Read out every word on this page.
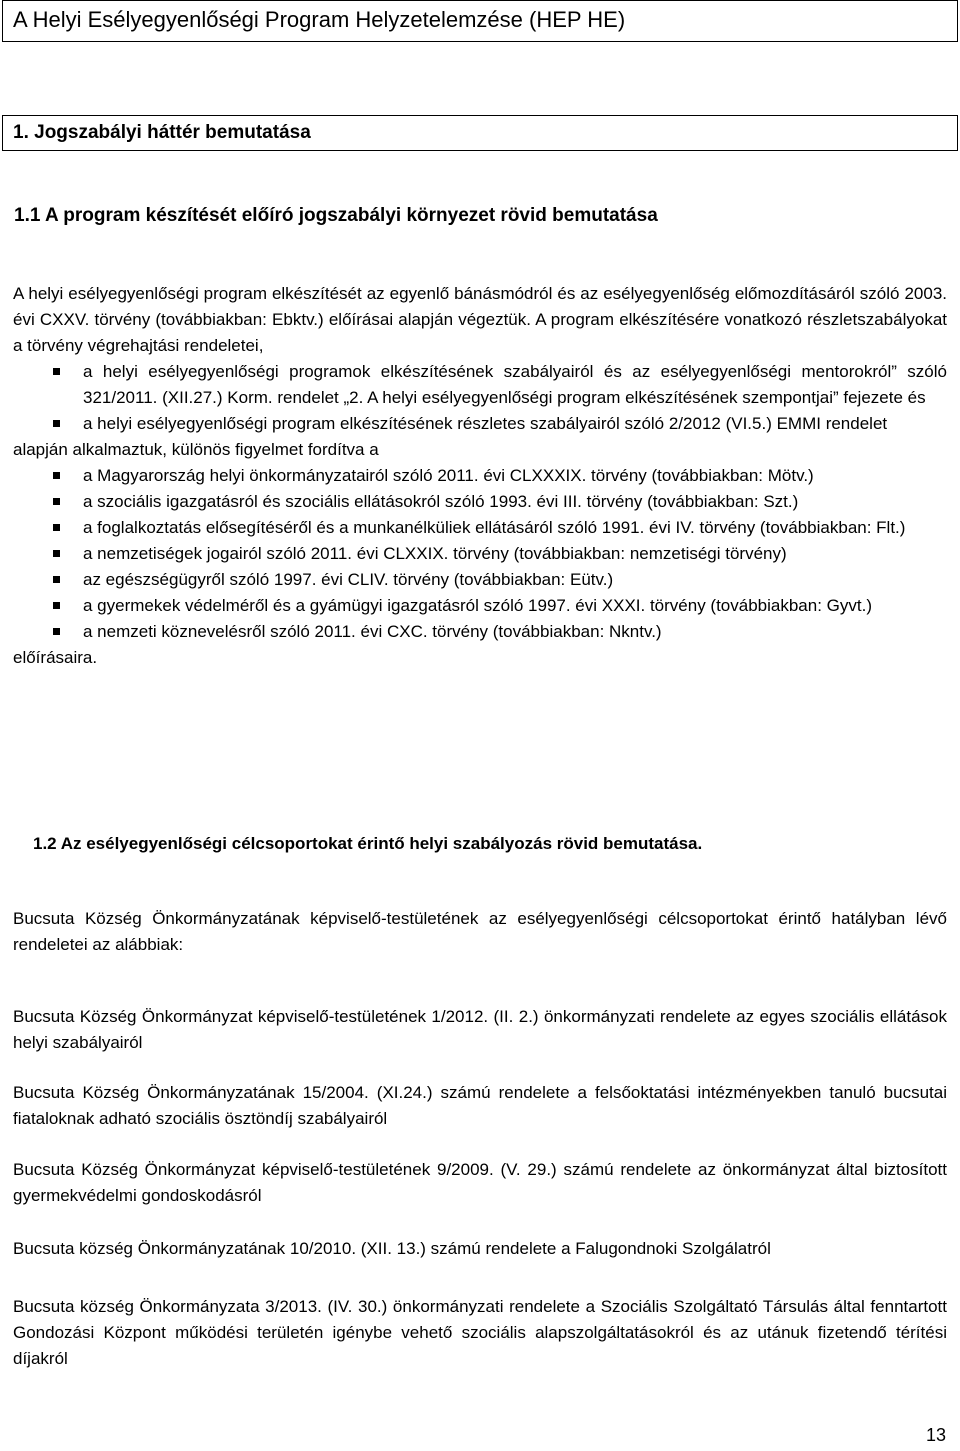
A Helyi Esélyegyenlőségi Program Helyzetelemzése (HEP HE)
1. Jogszabályi háttér bemutatása
1.1 A program készítését előíró jogszabályi környezet rövid bemutatása
A helyi esélyegyenlőségi program elkészítését az egyenlő bánásmódról és az esélyegyenlőség előmozdításáról szóló 2003. évi CXXV. törvény (továbbiakban: Ebktv.) előírásai alapján végeztük. A program elkészítésére vonatkozó részletszabályokat a törvény végrehajtási rendeletei,
a helyi esélyegyenlőségi programok elkészítésének szabályairól és az esélyegyenlőségi mentorokról” szóló 321/2011. (XII.27.) Korm. rendelet „2. A helyi esélyegyenlőségi program elkészítésének szempontjai” fejezete és
a helyi esélyegyenlőségi program elkészítésének részletes szabályairól szóló 2/2012 (VI.5.) EMMI rendelet
alapján alkalmaztuk, különös figyelmet fordítva a
a Magyarország helyi önkormányzatairól szóló 2011. évi CLXXXIX. törvény (továbbiakban: Mötv.)
a szociális igazgatásról és szociális ellátásokról szóló 1993. évi III. törvény (továbbiakban: Szt.)
a foglalkoztatás elősegítéséről és a munkanélküliek ellátásáról szóló 1991. évi IV. törvény (továbbiakban: Flt.)
a nemzetiségek jogairól szóló 2011. évi CLXXIX. törvény (továbbiakban: nemzetiségi törvény)
az egészségügyről szóló 1997. évi CLIV. törvény (továbbiakban: Eütv.)
a gyermekek védelméről és a gyámügyi igazgatásról szóló 1997. évi XXXI. törvény (továbbiakban: Gyvt.)
a nemzeti köznevelésről szóló 2011. évi CXC. törvény (továbbiakban: Nkntv.)
előírásaira.
1.2 Az esélyegyenlőségi célcsoportokat érintő helyi szabályozás rövid bemutatása.
Bucsuta Község Önkormányzatának képviselő-testületének az esélyegyenlőségi célcsoportokat érintő hatályban lévő rendeletei az alábbiak:
Bucsuta Község Önkormányzat képviselő-testületének 1/2012. (II. 2.) önkormányzati rendelete az egyes szociális ellátások helyi szabályairól
Bucsuta Község Önkormányzatának 15/2004. (XI.24.) számú rendelete a felsőoktatási intézményekben tanuló bucsutai fiataloknak adható szociális ösztöndíj szabályairól
Bucsuta Község Önkormányzat képviselő-testületének 9/2009. (V. 29.) számú rendelete az önkormányzat által biztosított gyermekvédelmi gondoskodásról
Bucsuta község Önkormányzatának 10/2010. (XII. 13.) számú rendelete a Falugondnoki Szolgálatról
Bucsuta község Önkormányzata 3/2013. (IV. 30.) önkormányzati rendelete a Szociális Szolgáltató Társulás által fenntartott Gondozási Központ működési területén igénybe vehető szociális alapszolgáltatásokról és az utánuk fizetendő térítési díjakról
13
